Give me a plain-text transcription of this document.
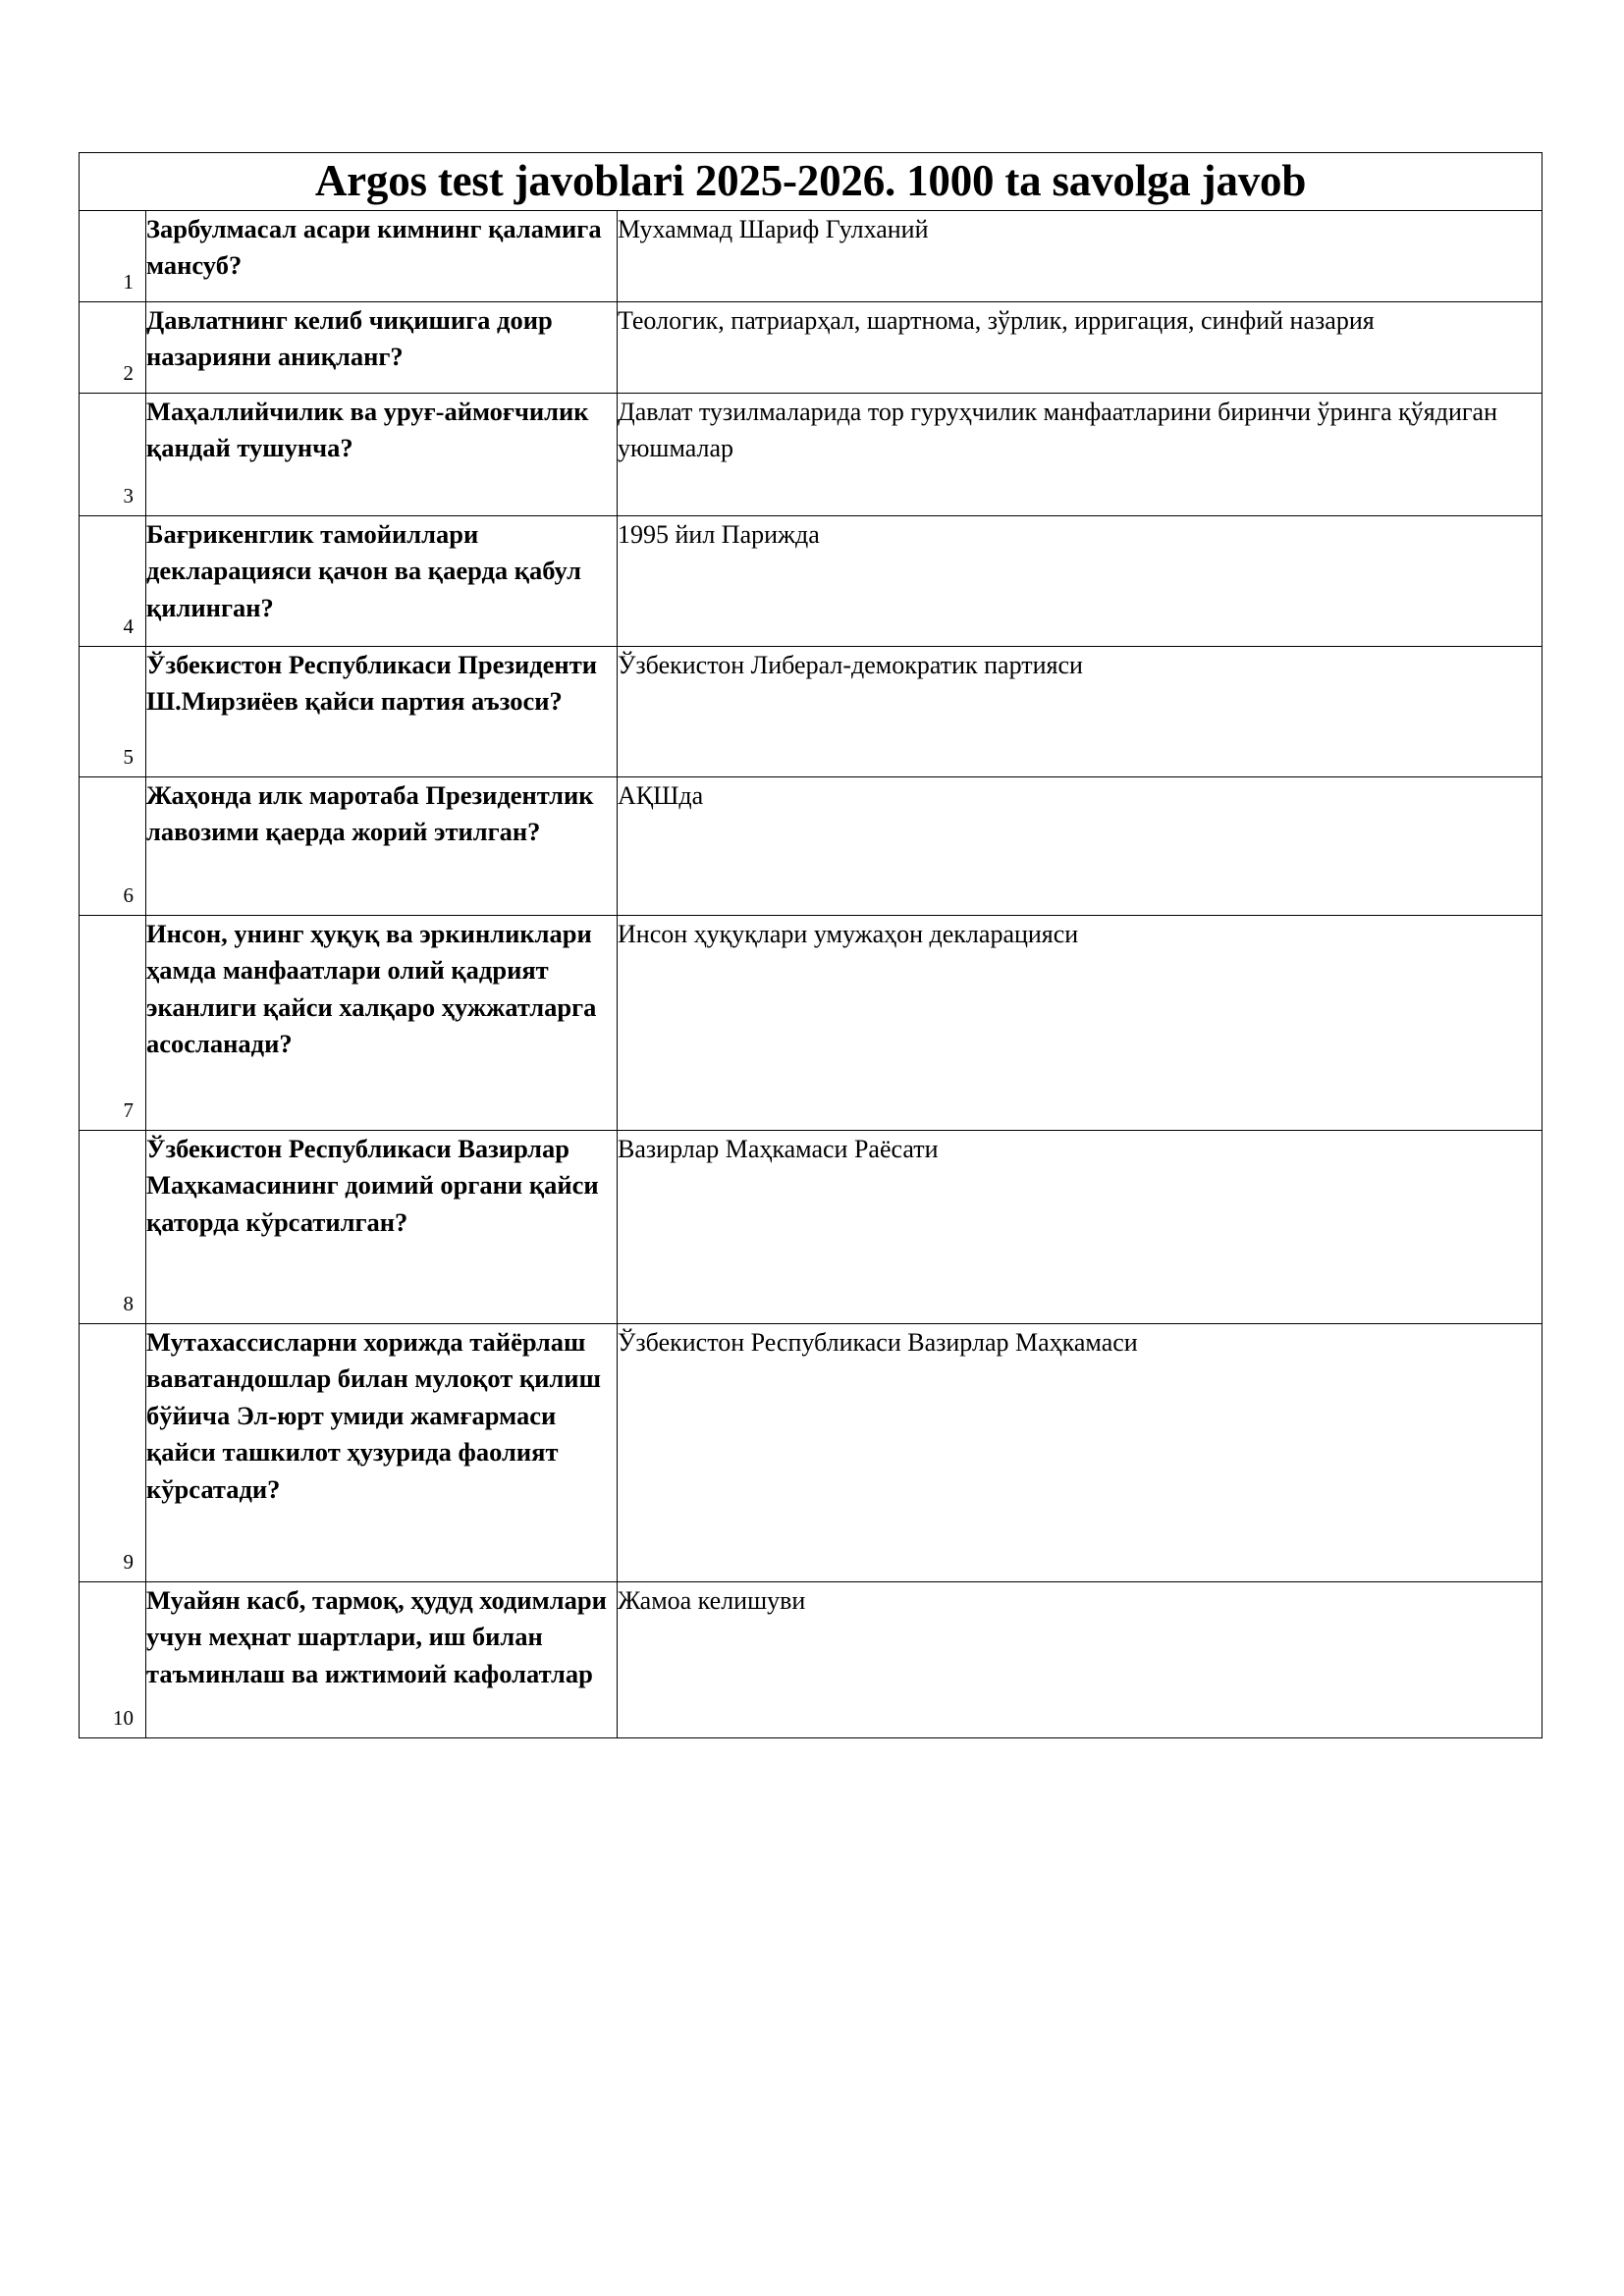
Argos test javoblari 2025-2026. 1000 ta savolga javob		

1	Зарбулмасал асари кимнинг қаламига мансуб?	Мухаммад Шариф Гулханий

2	Давлатнинг келиб чиқишига доир назарияни аниқланг?	Теологик, патриарҳал, шартнома, зўрлик, ирригация, синфий назария

3	Маҳаллийчилик ва уруғ-аймоғчилик қандай тушунча?	Давлат тузилмаларида тор гуруҳчилик манфаатларини биринчи ўринга қўядиган уюшмалар

4	Бағрикенглик тамойиллари декларацияси қачон ва қаерда қабул қилинган?	1995 йил Парижда

5	Ўзбекистон Республикаси Президенти Ш.Мирзиёев қайси партия аъзоси?	Ўзбекистон Либерал-демократик партияси

6	Жаҳонда илк маротаба Президентлик лавозими қаерда жорий этилган?	АҚШда

7	Инсон, унинг ҳуқуқ ва эркинликлари ҳамда манфаатлари олий қадрият эканлиги қайси халқаро ҳужжатларга асосланади?	Инсон ҳуқуқлари умужаҳон декларацияси

8	Ўзбекистон Республикаси Вазирлар Маҳкамасининг доимий органи қайси қаторда кўрсатилган?	Вазирлар Маҳкамаси Раёсати

9	Мутахассисларни хорижда тайёрлаш ваватандошлар билан мулоқот қилиш бўйича Эл-юрт умиди жамғармаси қайси ташкилот ҳузурида фаолият кўрсатади?	Ўзбекистон Республикаси Вазирлар Маҳкамаси

10	Муайян касб, тармоқ, ҳудуд ходимлари учун меҳнат шартлари, иш билан таъминлаш ва ижтимоий кафолатлар	Жамоа келишуви
